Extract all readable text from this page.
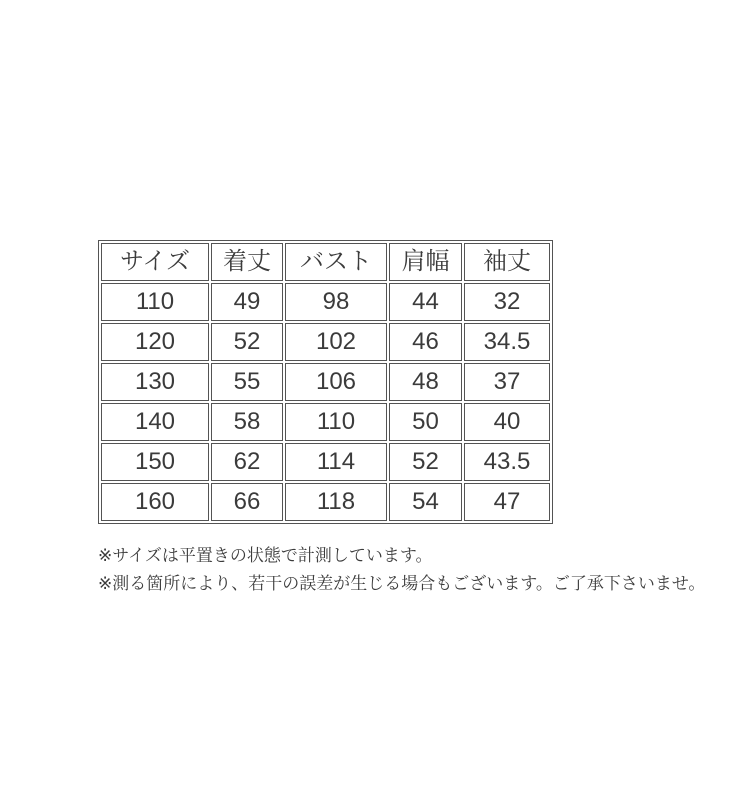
サイズ	着丈	バスト	肩幅	袖丈
110	49	98	44	32
120	52	102	46	34.5
130	55	106	48	37
140	58	110	50	40
150	62	114	52	43.5
160	66	118	54	47

※サイズは平置きの状態で計測しています。

※測る箇所により、若干の誤差が生じる場合もございます。ご了承下さいませ。
